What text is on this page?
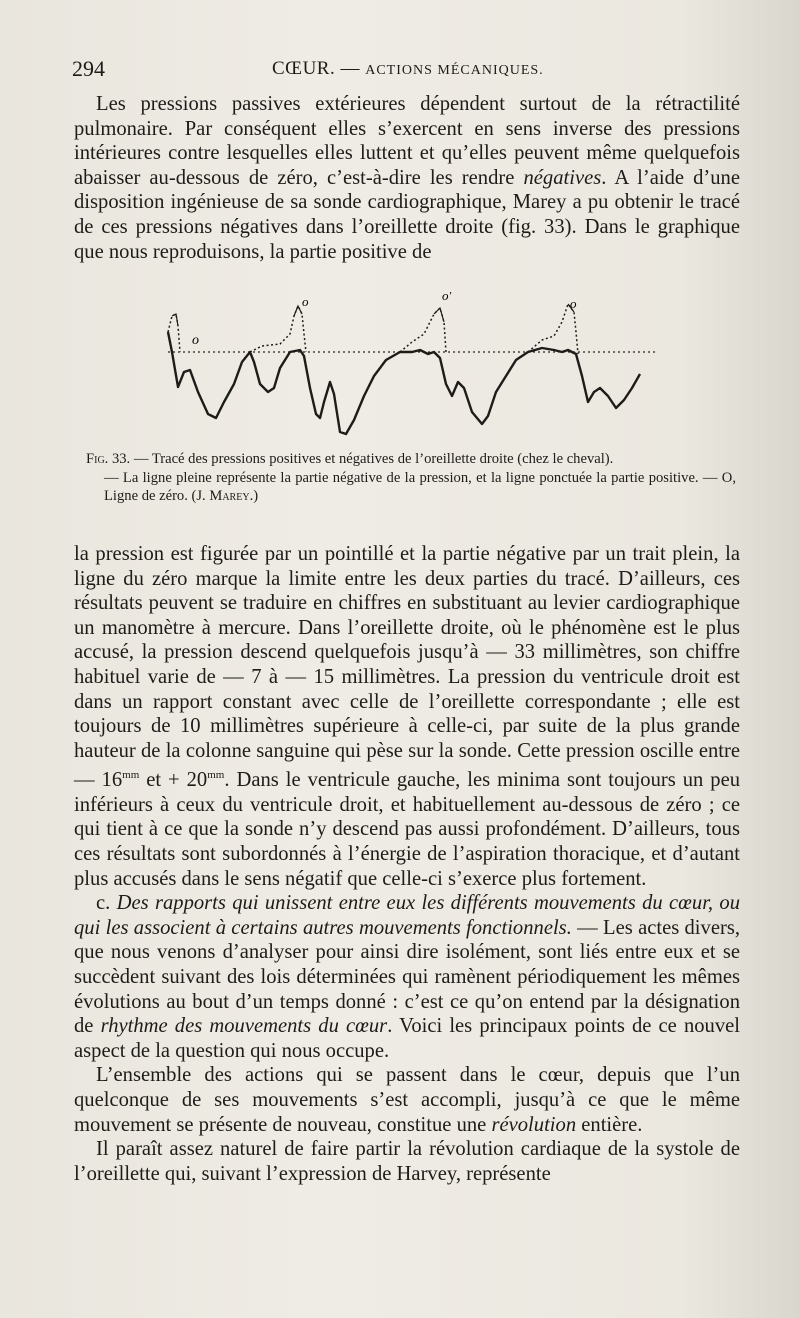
294	CŒUR. — ACTIONS MÉCANIQUES.

Les pressions passives extérieures dépendent surtout de la rétractilité pulmonaire. Par conséquent elles s’exercent en sens inverse des pressions intérieures contre lesquelles elles luttent et qu’elles peuvent même quelquefois abaisser au-dessous de zéro, c’est-à-dire les rendre négatives. A l’aide d’une disposition ingénieuse de sa sonde cardiographique, Marey a pu obtenir le tracé de ces pressions négatives dans l’oreillette droite (fig. 33). Dans le graphique que nous reproduisons, la partie positive de

o
o	o'
o
Fig. 33. — Tracé des pressions positives et négatives de l’oreillette droite (chez le cheval).
— La ligne pleine représente la partie négative de la pression, et la ligne ponctuée la partie positive. — O, Ligne de zéro. (J. Marey.)

la pression est figurée par un pointillé et la partie négative par un trait plein, la ligne du zéro marque la limite entre les deux parties du tracé. D’ailleurs, ces résultats peuvent se traduire en chiffres en substituant au levier cardiographique un manomètre à mercure. Dans l’oreillette droite, où le phénomène est le plus accusé, la pression descend quelquefois jusqu’à — 33 millimètres, son chiffre habituel varie de — 7 à — 15 millimètres. La pression du ventricule droit est dans un rapport constant avec celle de l’oreillette correspondante ; elle est toujours de 10 millimètres supérieure à celle-ci, par suite de la plus grande hauteur de la colonne sanguine qui pèse sur la sonde. Cette pression oscille entre — $16^{mm}$ et + $20^{mm}$. Dans le ventricule gauche, les minima sont toujours un peu inférieurs à ceux du ventricule droit, et habituellement au-dessous de zéro ; ce qui tient à ce que la sonde n’y descend pas aussi profondément. D’ailleurs, tous ces résultats sont subordonnés à l’énergie de l’aspiration thoracique, et d’autant plus accusés dans le sens négatif que celle-ci s’exerce plus fortement.

c. Des rapports qui unissent entre eux les différents mouvements du cœur, ou qui les associent à certains autres mouvements fonctionnels. — Les actes divers, que nous venons d’analyser pour ainsi dire isolément, sont liés entre eux et se succèdent suivant des lois déterminées qui ramènent périodiquement les mêmes évolutions au bout d’un temps donné : c’est ce qu’on entend par la désignation de rhythme des mouvements du cœur. Voici les principaux points de ce nouvel aspect de la question qui nous occupe.

L’ensemble des actions qui se passent dans le cœur, depuis que l’un quelconque de ses mouvements s’est accompli, jusqu’à ce que le même mouvement se présente de nouveau, constitue une révolution entière.

Il paraît assez naturel de faire partir la révolution cardiaque de la systole de l’oreillette qui, suivant l’expression de Harvey, représente
